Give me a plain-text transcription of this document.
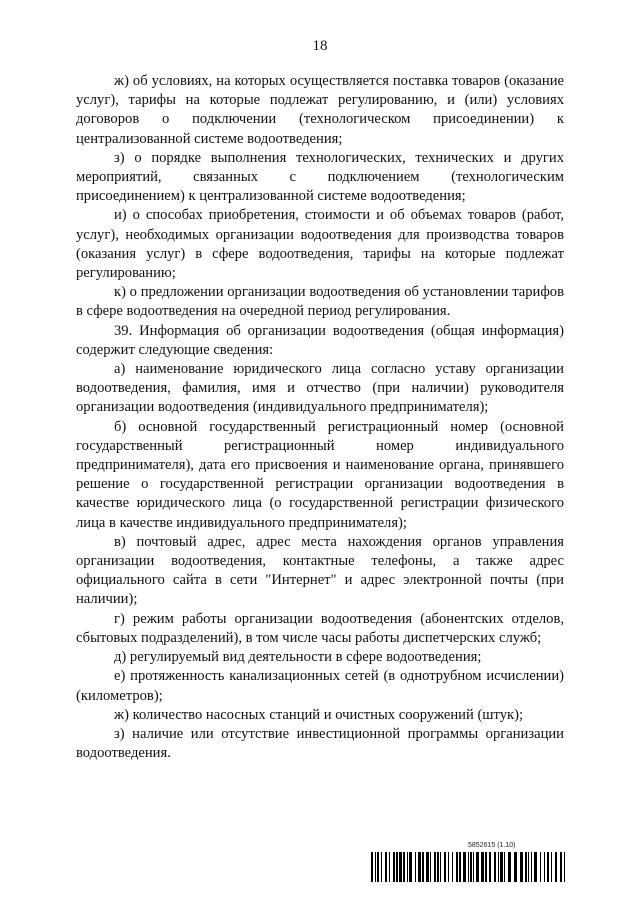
18

ж) об условиях, на которых осуществляется поставка товаров (оказание услуг), тарифы на которые подлежат регулированию, и (или) условиях договоров о подключении (технологическом присоединении) к централизованной системе водоотведения;

з) о порядке выполнения технологических, технических и других мероприятий, связанных с подключением (технологическим присоединением) к централизованной системе водоотведения;

и) о способах приобретения, стоимости и об объемах товаров (работ, услуг), необходимых организации водоотведения для производства товаров (оказания услуг) в сфере водоотведения, тарифы на которые подлежат регулированию;

к) о предложении организации водоотведения об установлении тарифов в сфере водоотведения на очередной период регулирования.

39. Информация об организации водоотведения (общая информация) содержит следующие сведения:

а) наименование юридического лица согласно уставу организации водоотведения, фамилия, имя и отчество (при наличии) руководителя организации водоотведения (индивидуального предпринимателя);

б) основной государственный регистрационный номер (основной государственный регистрационный номер индивидуального предпринимателя), дата его присвоения и наименование органа, принявшего решение о государственной регистрации организации водоотведения в качестве юридического лица (о государственной регистрации физического лица в качестве индивидуального предпринимателя);

в) почтовый адрес, адрес места нахождения органов управления организации водоотведения, контактные телефоны, а также адрес официального сайта в сети "Интернет" и адрес электронной почты (при наличии);

г) режим работы организации водоотведения (абонентских отделов, сбытовых подразделений), в том числе часы работы диспетчерских служб;

д) регулируемый вид деятельности в сфере водоотведения;

е) протяженность канализационных сетей (в однотрубном исчислении) (километров);

ж) количество насосных станций и очистных сооружений (штук);

з) наличие или отсутствие инвестиционной программы организации водоотведения.

5852615 (1.10)
